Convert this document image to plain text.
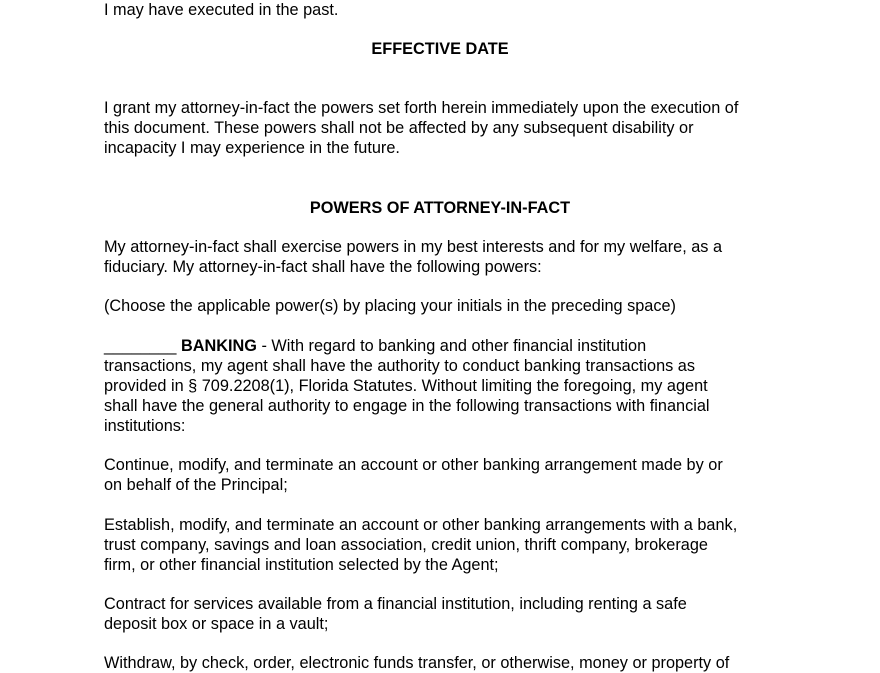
I may have executed in the past.
EFFECTIVE DATE
I grant my attorney-in-fact the powers set forth herein immediately upon the execution of
this document. These powers shall not be affected by any subsequent disability or
incapacity I may experience in the future.
POWERS OF ATTORNEY-IN-FACT
My attorney-in-fact shall exercise powers in my best interests and for my welfare, as a
fiduciary. My attorney-in-fact shall have the following powers:
(Choose the applicable power(s) by placing your initials in the preceding space)
________ BANKING - With regard to banking and other financial institution
transactions, my agent shall have the authority to conduct banking transactions as
provided in § 709.2208(1), Florida Statutes. Without limiting the foregoing, my agent
shall have the general authority to engage in the following transactions with financial
institutions:
Continue, modify, and terminate an account or other banking arrangement made by or
on behalf of the Principal;
Establish, modify, and terminate an account or other banking arrangements with a bank,
trust company, savings and loan association, credit union, thrift company, brokerage
firm, or other financial institution selected by the Agent;
Contract for services available from a financial institution, including renting a safe
deposit box or space in a vault;
Withdraw, by check, order, electronic funds transfer, or otherwise, money or property of
